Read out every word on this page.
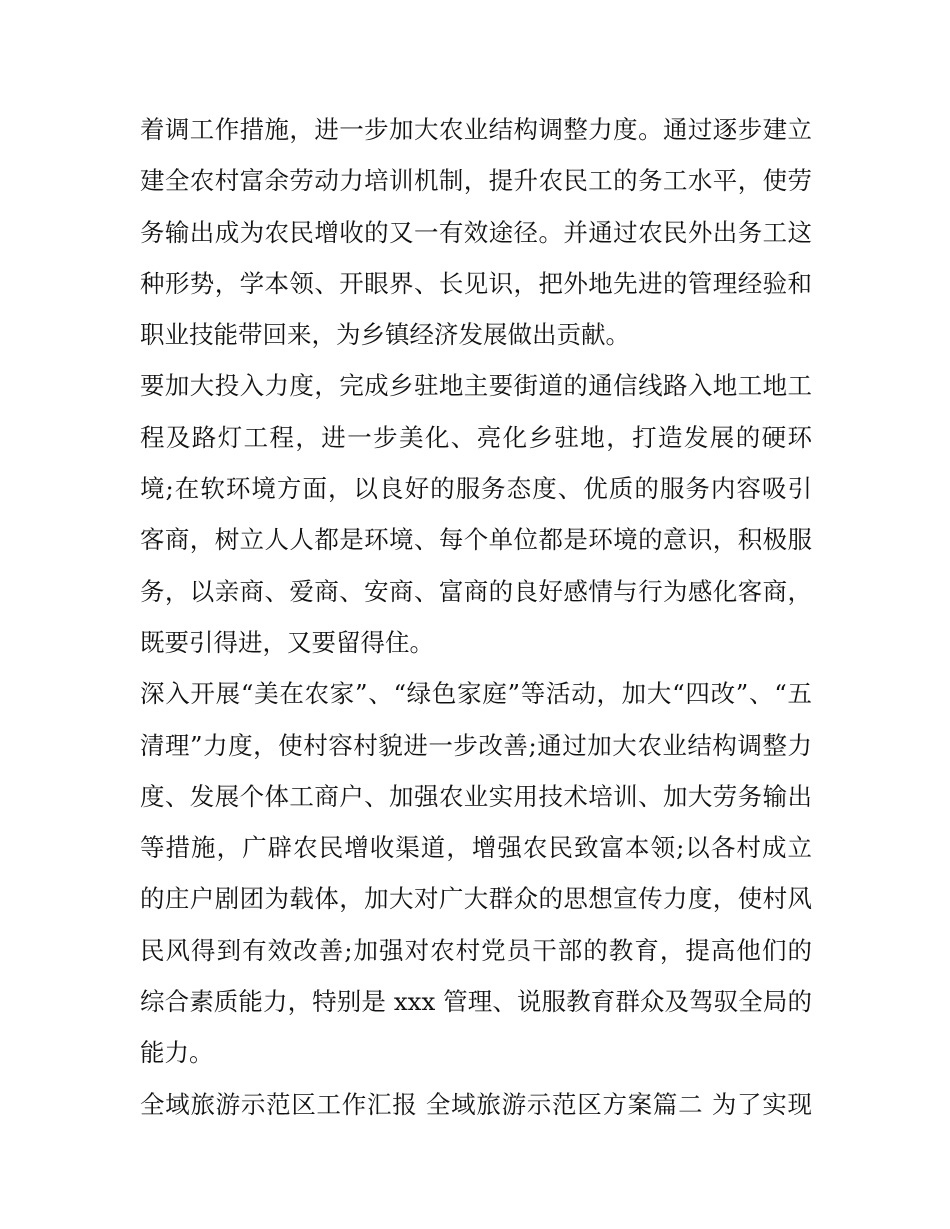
着调工作措施，进一步加大农业结构调整力度。通过逐步建立
建全农村富余劳动力培训机制，提升农民工的务工水平，使劳
务输出成为农民增收的又一有效途径。并通过农民外出务工这
种形势，学本领、开眼界、长见识，把外地先进的管理经验和
职业技能带回来，为乡镇经济发展做出贡献。
要加大投入力度，完成乡驻地主要街道的通信线路入地工地工
程及路灯工程，进一步美化、亮化乡驻地，打造发展的硬环
境;在软环境方面，以良好的服务态度、优质的服务内容吸引
客商，树立人人都是环境、每个单位都是环境的意识，积极服
务，以亲商、爱商、安商、富商的良好感情与行为感化客商，
既要引得进，又要留得住。
深入开展“美在农家”、“绿色家庭”等活动，加大“四改”、“五
清理”力度，使村容村貌进一步改善;通过加大农业结构调整力
度、发展个体工商户、加强农业实用技术培训、加大劳务输出
等措施，广辟农民增收渠道，增强农民致富本领;以各村成立
的庄户剧团为载体，加大对广大群众的思想宣传力度，使村风
民风得到有效改善;加强对农村党员干部的教育，提高他们的
综合素质能力，特别是 xxx 管理、说服教育群众及驾驭全局的
能力。
全域旅游示范区工作汇报 全域旅游示范区方案篇二 为了实现
